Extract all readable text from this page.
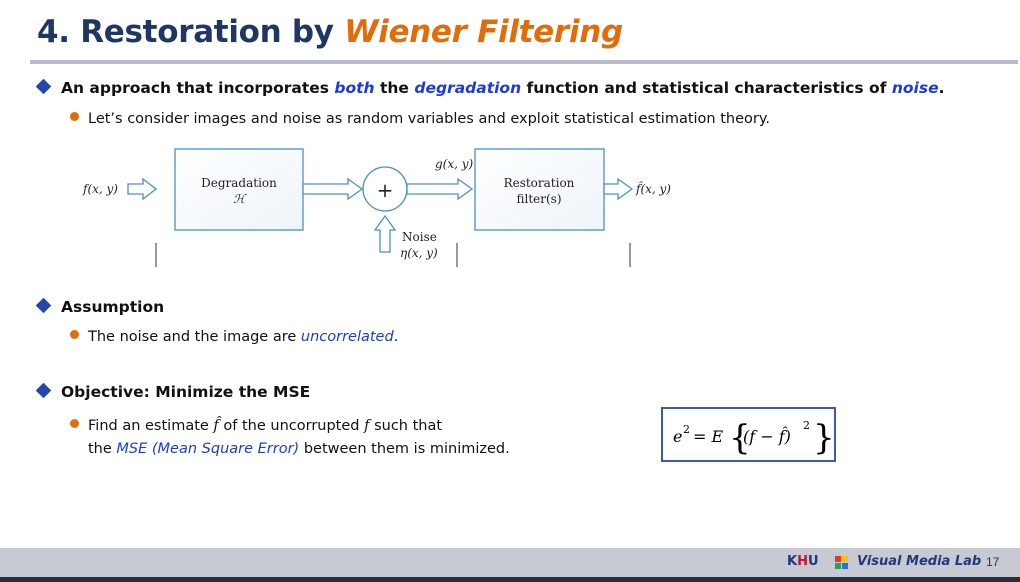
4. Restoration by Wiener Filtering
An approach that incorporates both the degradation function and statistical characteristics of noise.
Let’s consider images and noise as random variables and exploit statistical estimation theory.
f(x, y)	Degradation
ℋ	+
g(x, y)
Restoration
filter(s)
f̂(x, y)
Noise
η(x, y)
Assumption
The noise and the image are uncorrelated.
Objective: Minimize the MSE
Find an estimate f̂ of the uncorrupted f such that
the MSE (Mean Square Error) between them is minimized.
e 2 = E {
(f − f̂)
2 }
KHU	Visual Media Lab 17
